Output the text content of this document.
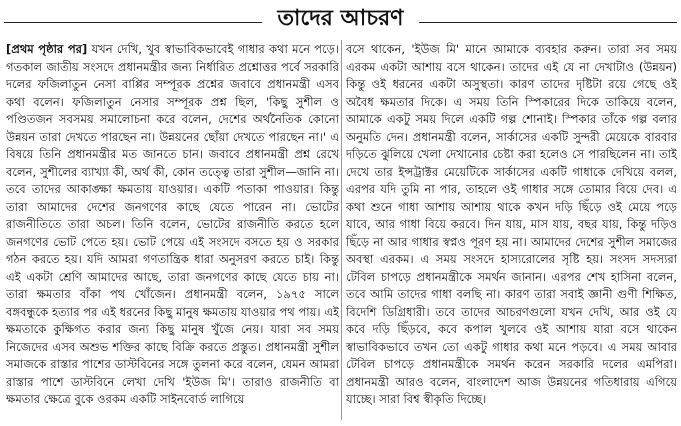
তাদের আচরণ

[প্রথম পৃষ্ঠার পর] যখন দেখি, খুব স্বাভাবিকভাবেই গাধার কথা মনে পড়ে। গতকাল জাতীয় সংসদে প্রধানমন্ত্রীর জন্য নির্ধারিত প্রশ্নোত্তর পর্বে সরকারি দলের ফজিলাতুন নেসা বাপ্পির সম্পূরক প্রশ্নের জবাবে প্রধানমন্ত্রী এসব কথা বলেন। ফজিলাতুন নেসার সম্পূরক প্রশ্ন ছিল, 'কিছু সুশীল ও পণ্ডিতজন সবসময় সমালোচনা করে বলেন, দেশের অর্থনৈতিক কোনো উন্নয়ন তারা দেখতে পারছেন না। উন্নয়নের ছোঁয়া দেখতে পারছেন না।' এ বিষয়ে তিনি প্রধানমন্ত্রীর মত জানতে চান। জবাবে প্রধানমন্ত্রী প্রশ্ন রেখে বলেন, সুশীলের ব্যাখ্যা কী, অর্থ কী, কোন তত্ত্বে তারা সুশীল—জানি না। তবে তাদের আকাঙ্ক্ষা ক্ষমতায় যাওয়ার। একটি পতাকা পাওয়ার। কিন্তু তারা আমাদের দেশের জনগণের কাছে যেতে পারেন না। ভোটের রাজনীতিতে তারা অচল। তিনি বলেন, ভোটের রাজনীতি করতে হলে জনগণের ভোট পেতে হয়। ভোট পেয়ে এই সংসদে বসতে হয় ও সরকার গঠন করতে হয়। যদি আমরা গণতান্ত্রিক ধারা অনুসরণ করতে চাই। কিন্তু এই একটা শ্রেণি আমাদের আছে, তারা জনগণের কাছে যেতে চায় না। তারা ক্ষমতার বাঁকা পথ খোঁজেন। প্রধানমন্ত্রী বলেন, ১৯৭৫ সালে বঙ্গবন্ধুকে হত্যার পর এই ধরনের কিছু মানুষ ক্ষমতায় যাওয়ার পথ পায়। এই ক্ষমতাকে কুক্ষিগত করার জন্য কিছু মানুষ খুঁজে নেয়। যারা সব সময় নিজেদের এসব অশুভ শক্তির কাছে বিক্রি করতে প্রস্তুত। প্রধানমন্ত্রী সুশীল সমাজকে রাস্তার পাশের ডাস্টবিনের সঙ্গে তুলনা করে বলেন, যেমন আমরা রাস্তার পাশে ডাস্টবিনে লেখা দেখি 'ইউজ মি'। তারাও রাজনীতি বা ক্ষমতার ক্ষেত্রে বুকে ওরকম একটি সাইনবোর্ড লাগিয়ে

বসে থাকেন, 'ইউজ মি' মানে আমাকে ব্যবহার করুন। তারা সব সময় এরকম একটা আশায় বসে থাকেন। তাদের এই যে না দেখাটাও (উন্নয়ন) কিন্তু ওই ধরনের একটা অসুস্থতা। কারণ তাদের দৃষ্টিটা রয়ে গেছে ওই অবৈধ ক্ষমতার দিকে। এ সময় তিনি স্পিকারের দিকে তাকিয়ে বলেন, আমাকে একটু সময় দিলে একটি গল্প শোনাই। স্পিকার তাঁকে গল্প বলার অনুমতি দেন। প্রধানমন্ত্রী বলেন, সার্কাসের একটি সুন্দরী মেয়েকে বারবার দড়িতে ঝুলিয়ে খেলা দেখানোর চেষ্টা করা হলেও সে পারছিলেন না। তাই দেখে তার ইন্সট্রাক্টর মেয়েটিকে সার্কাসের একটি গাধাকে দেখিয়ে বলল, এরপর যদি তুমি না পার, তাহলে ওই গাধার সঙ্গে তোমার বিয়ে দেব। এ কথা শুনে গাধা আশায় আশায় থাকে কখন দড়ি ছিঁড়ে ওই মেয়ে পড়ে যাবে, আর গাধা বিয়ে করবে। দিন যায়, মাস যায়, বছর যায়, কিন্তু দড়িও ছিঁড়ে না আর গাধার স্বপ্নও পূরণ হয় না। আমাদের দেশের সুশীল সমাজের অবস্থা এরকম। এ সময় সংসদে হাস্যরোলের সৃষ্টি হয়। সংসদ সদস্যরা টেবিল চাপড়ে প্রধানমন্ত্রীকে সমর্থন জানান। এরপর শেখ হাসিনা বলেন, তবে আমি তাদের গাধা বলছি না। কারণ তারা সবাই জ্ঞানী গুণী শিক্ষিত, বিদেশি ডিগ্রিধারী। তবে তাদের আচরণগুলো যখন দেখি, আর ওই যে কবে দড়ি ছিঁড়বে, কবে কপাল খুলবে ওই আশায় যারা বসে থাকেন স্বাভাবিকভাবে তখন তো একটু গাধার কথা মনে পড়বে। এ সময় আবার টেবিল চাপড়ে প্রধানমন্ত্রীকে সমর্থন করেন সরকারি দলের এমপিরা। প্রধানমন্ত্রী আরও বলেন, বাংলাদেশ আজ উন্নয়নের গতিধারায় এগিয়ে যাচ্ছে। সারা বিশ্ব স্বীকৃতি দিচ্ছে।
